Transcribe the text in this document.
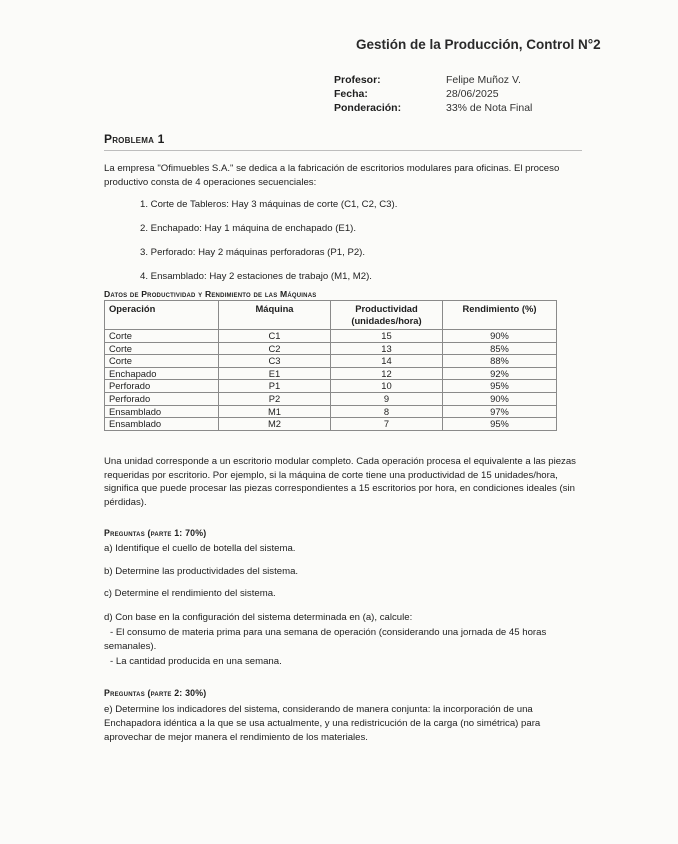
Gestión de la Producción, Control N°2
Profesor:	Felipe Muñoz V.
Fecha:	28/06/2025
Ponderación:	33% de Nota Final
Problema 1

La empresa "Ofimuebles S.A." se dedica a la fabricación de escritorios modulares para oficinas. El proceso productivo consta de 4 operaciones secuenciales:

1. Corte de Tableros: Hay 3 máquinas de corte (C1, C2, C3).
2. Enchapado: Hay 1 máquina de enchapado (E1).
3. Perforado: Hay 2 máquinas perforadoras (P1, P2).
4. Ensamblado: Hay 2 estaciones de trabajo (M1, M2).
Datos de Productividad y Rendimiento de las Máquinas
Operación	Máquina	Productividad (unidades/hora)	Rendimiento (%)
Corte	C1	15	90%
Corte	C2	13	85%
Corte	C3	14	88%
Enchapado	E1	12	92%
Perforado	P1	10	95%
Perforado	P2	9	90%
Ensamblado	M1	8	97%
Ensamblado	M2	7	95%

Una unidad corresponde a un escritorio modular completo. Cada operación procesa el equivalente a las piezas requeridas por escritorio. Por ejemplo, si la máquina de corte tiene una productividad de 15 unidades/hora, significa que puede procesar las piezas correspondientes a 15 escritorios por hora, en condiciones ideales (sin pérdidas).

Preguntas (parte 1: 70%)

a) Identifique el cuello de botella del sistema.

b) Determine las productividades del sistema.

c) Determine el rendimiento del sistema.

d) Con base en la configuración del sistema determinada en (a), calcule:

- El consumo de materia prima para una semana de operación (considerando una jornada de 45 horas semanales).

- La cantidad producida en una semana.

Preguntas (parte 2: 30%)

e) Determine los indicadores del sistema, considerando de manera conjunta: la incorporación de una Enchapadora idéntica a la que se usa actualmente, y una redistricución de la carga (no simétrica) para aprovechar de mejor manera el rendimiento de los materiales.
